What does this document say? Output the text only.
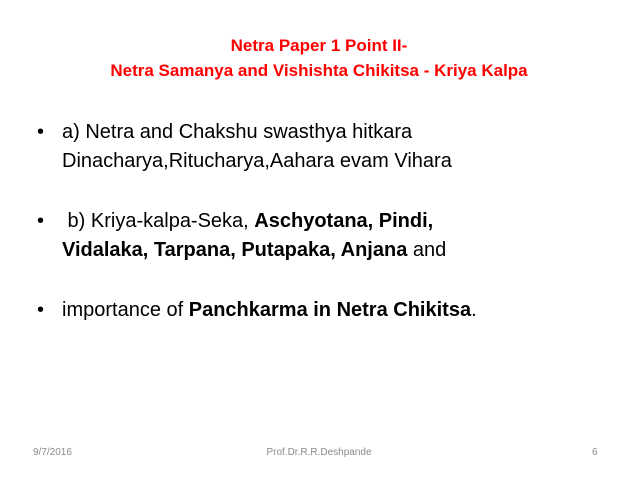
Netra Paper 1 Point II-
Netra Samanya and Vishishta Chikitsa - Kriya Kalpa
• a) Netra and Chakshu swasthya hitkara
Dinacharya,Ritucharya,Aahara evam Vihara
• b) Kriya-kalpa-Seka, Aschyotana, Pindi,
Vidalaka, Tarpana, Putapaka, Anjana and
• importance of Panchkarma in Netra Chikitsa.
9/7/2016	Prof.Dr.R.R.Deshpande	6
